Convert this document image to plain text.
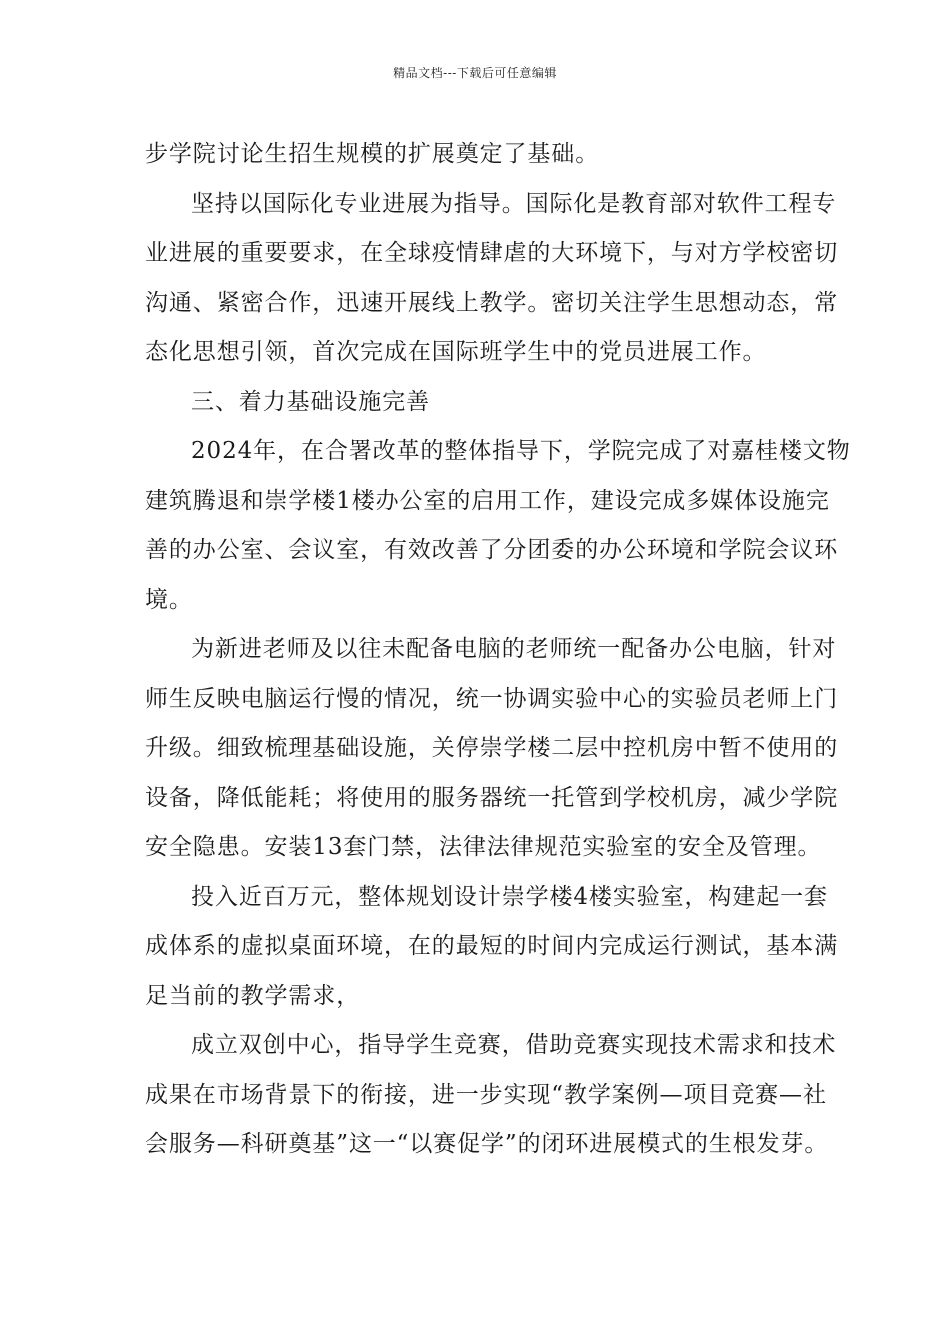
精品文档---下载后可任意编辑
步学院讨论生招生规模的扩展奠定了基础。
坚持以国际化专业进展为指导。国际化是教育部对软件工程专
业进展的重要要求，在全球疫情肆虐的大环境下，与对方学校密切
沟通、紧密合作，迅速开展线上教学。密切关注学生思想动态，常
态化思想引领，首次完成在国际班学生中的党员进展工作。
三、着力基础设施完善
2024年，在合署改革的整体指导下，学院完成了对嘉桂楼文物
建筑腾退和崇学楼1楼办公室的启用工作，建设完成多媒体设施完
善的办公室、会议室，有效改善了分团委的办公环境和学院会议环
境。
为新进老师及以往未配备电脑的老师统一配备办公电脑，针对
师生反映电脑运行慢的情况，统一协调实验中心的实验员老师上门
升级。细致梳理基础设施，关停崇学楼二层中控机房中暂不使用的
设备，降低能耗；将使用的服务器统一托管到学校机房，减少学院
安全隐患。安装13套门禁，法律法律规范实验室的安全及管理。
投入近百万元，整体规划设计崇学楼4楼实验室，构建起一套
成体系的虚拟桌面环境，在的最短的时间内完成运行测试，基本满
足当前的教学需求，
成立双创中心，指导学生竞赛，借助竞赛实现技术需求和技术
成果在市场背景下的衔接，进一步实现“教学案例—项目竞赛—社
会服务—科研奠基”这一“以赛促学”的闭环进展模式的生根发芽。
